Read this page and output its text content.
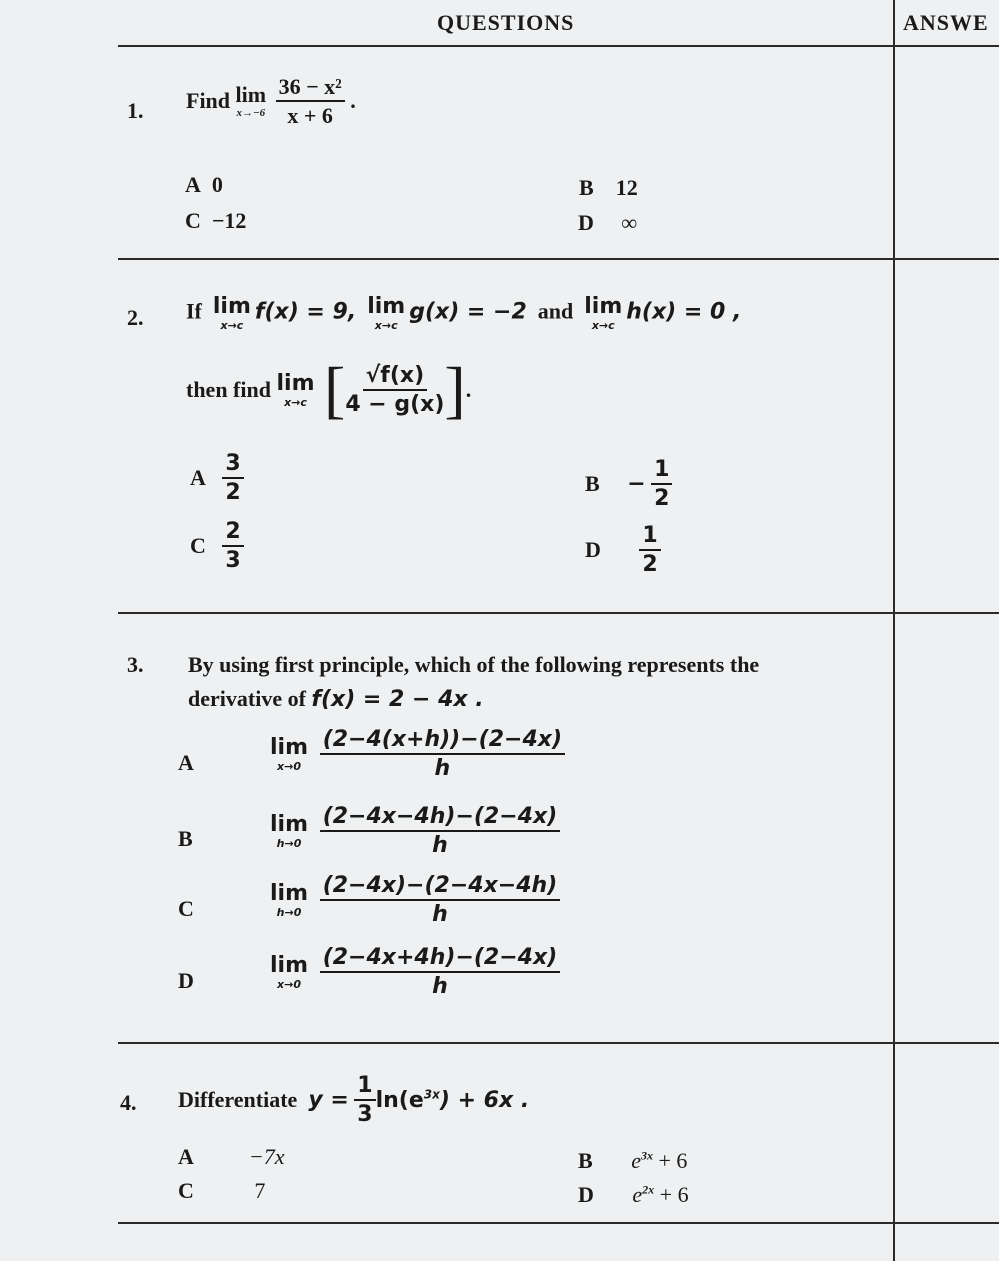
QUESTIONS	ANSWE
1. Find lim
x→−6
$\frac{\text{36 − x²}}{x + 6}$ .
A 0	B 12
C −12	D ∞
2. If lim
x→c
f(x) = 9, lim
x→c
g(x) = −2 and lim
x→c
h(x) = 0 ,
then find lim
x→c [ $\frac{√f(x)}{4 - g(x)}$ ].
A $\frac{3}{2}$	$B - \frac{1}{2}$
C $\frac{2}{3}$	D $\frac{1}{2}$
3. By using first principle, which of the following represents the
derivative of f(x) = 2 − 4x .
A
lim
x→0
$\frac{(2-4(x+h))-(2-4x)}{h}$
B
lim
h→0
$\frac{(2-4x-4h)-(2-4x)}{h}$
C
lim
h→0
$\frac{(2-4x)-(2-4x-4h)}{h}$
D
lim
x→0
$\frac{(2-4x+4h)-(2-4x)}{h}$
4. Differentiate $y = \frac{1}{3} \ln(e^{3x}) + 6x$ .
A	−7x	B $e^{3x} + 6$
C	7	D $e^{2x} + 6$
